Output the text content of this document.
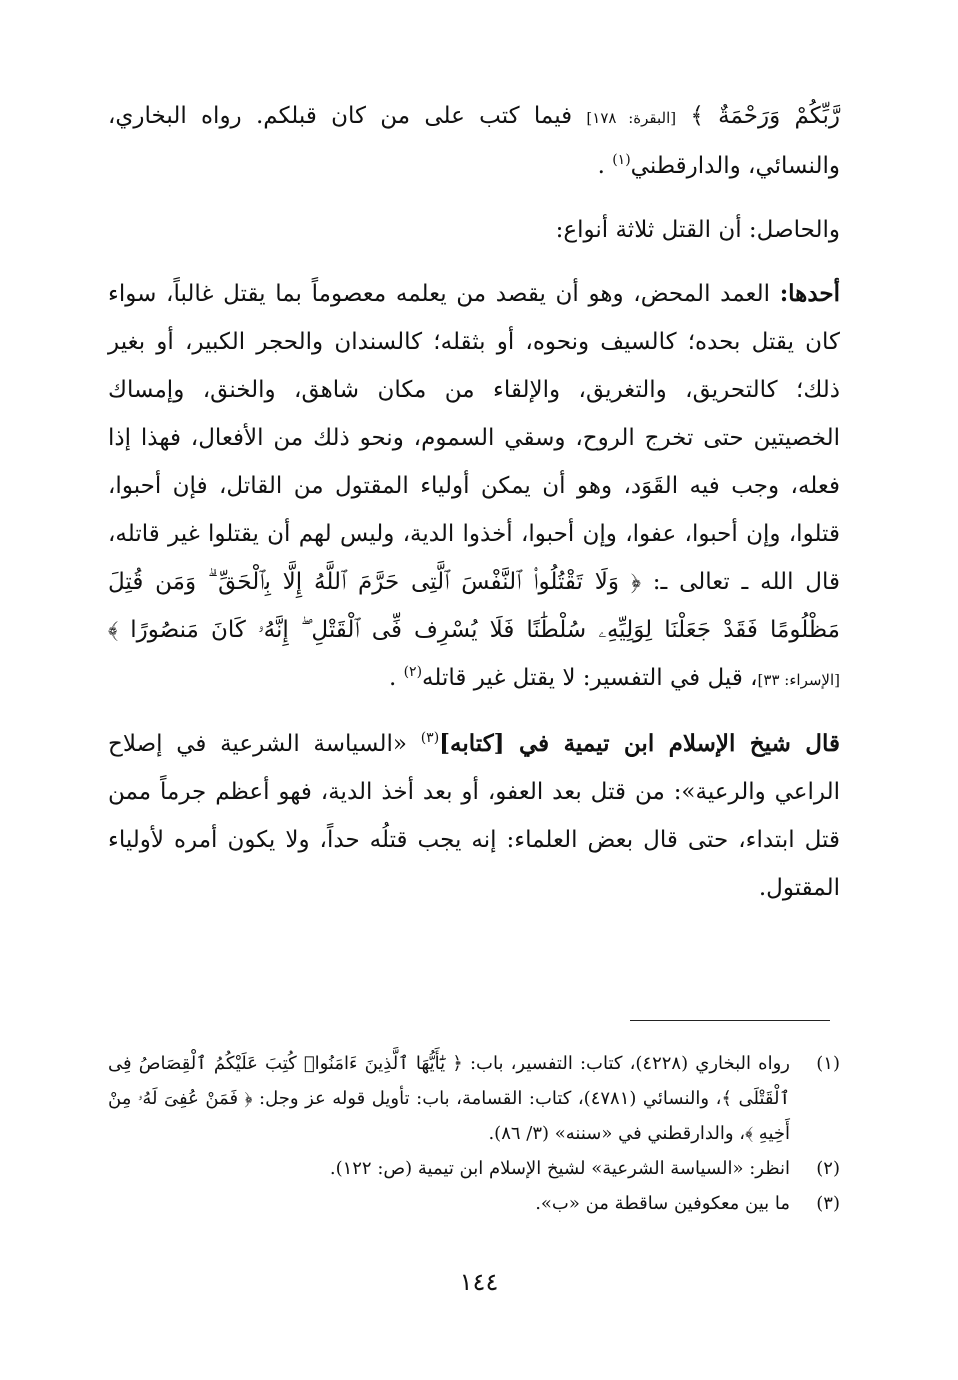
رَّبِّكُمْ وَرَحْمَةٌ ﴾ [البقرة: ١٧٨] فيما كتب على من كان قبلكم. رواه البخاري، والنسائي، والدارقطني$^{(١)}$ .

والحاصل: أن القتل ثلاثة أنواع:

أحدها: العمد المحض، وهو أن يقصد من يعلمه معصوماً بما يقتل غالباً، سواء كان يقتل بحده؛ كالسيف ونحوه، أو بثقله؛ كالسندان والحجر الكبير، أو بغير ذلك؛ كالتحريق، والتغريق، والإلقاء من مكان شاهق، والخنق، وإمساك الخصيتين حتى تخرج الروح، وسقي السموم، ونحو ذلك من الأفعال، فهذا إذا فعله، وجب فيه القَوَد، وهو أن يمكن أولياء المقتول من القاتل، فإن أحبوا، قتلوا، وإن أحبوا، عفوا، وإن أحبوا، أخذوا الدية، وليس لهم أن يقتلوا غير قاتله، قال الله ـ تعالى ـ: ﴿ وَلَا تَقْتُلُوا۟ ٱلنَّفْسَ ٱلَّتِى حَرَّمَ ٱللَّهُ إِلَّا بِٱلْحَقِّ ۗ وَمَن قُتِلَ مَظْلُومًا فَقَدْ جَعَلْنَا لِوَلِيِّهِۦ سُلْطَٰنًا فَلَا يُسْرِف فِّى ٱلْقَتْلِ ۖ إِنَّهُۥ كَانَ مَنصُورًا ﴾ [الإسراء: ٣٣]، قيل في التفسير: لا يقتل غير قاتله$^{(٢)}$ .

قال شيخ الإسلام ابن تيمية في [كتابه]$^{(٣)}$ «السياسة الشرعية في إصلاح الراعي والرعية»: من قتل بعد العفو، أو بعد أخذ الدية، فهو أعظم جرماً ممن قتل ابتداء، حتى قال بعض العلماء: إنه يجب قتلُه حداً، ولا يكون أمره لأولياء المقتول.

(١)
رواه البخاري (٤٢٢٨)، كتاب: التفسير، باب: ﴿ يَٰٓأَيُّهَا ٱلَّذِينَ ءَامَنُوا۟ كُتِبَ عَلَيْكُمُ ٱلْقِصَاصُ فِى ٱلْقَتْلَى ﴾، والنسائي (٤٧٨١)، كتاب: القسامة، باب: تأويل قوله عز وجل: ﴿ فَمَنْ عُفِىَ لَهُۥ مِنْ أَخِيهِ ﴾، والدارقطني في «سننه» (٣/ ٨٦).
(٢)
انظر: «السياسة الشرعية» لشيخ الإسلام ابن تيمية (ص: ١٢٢).
(٣)
ما بين معكوفين ساقطة من «ب».
١٤٤
